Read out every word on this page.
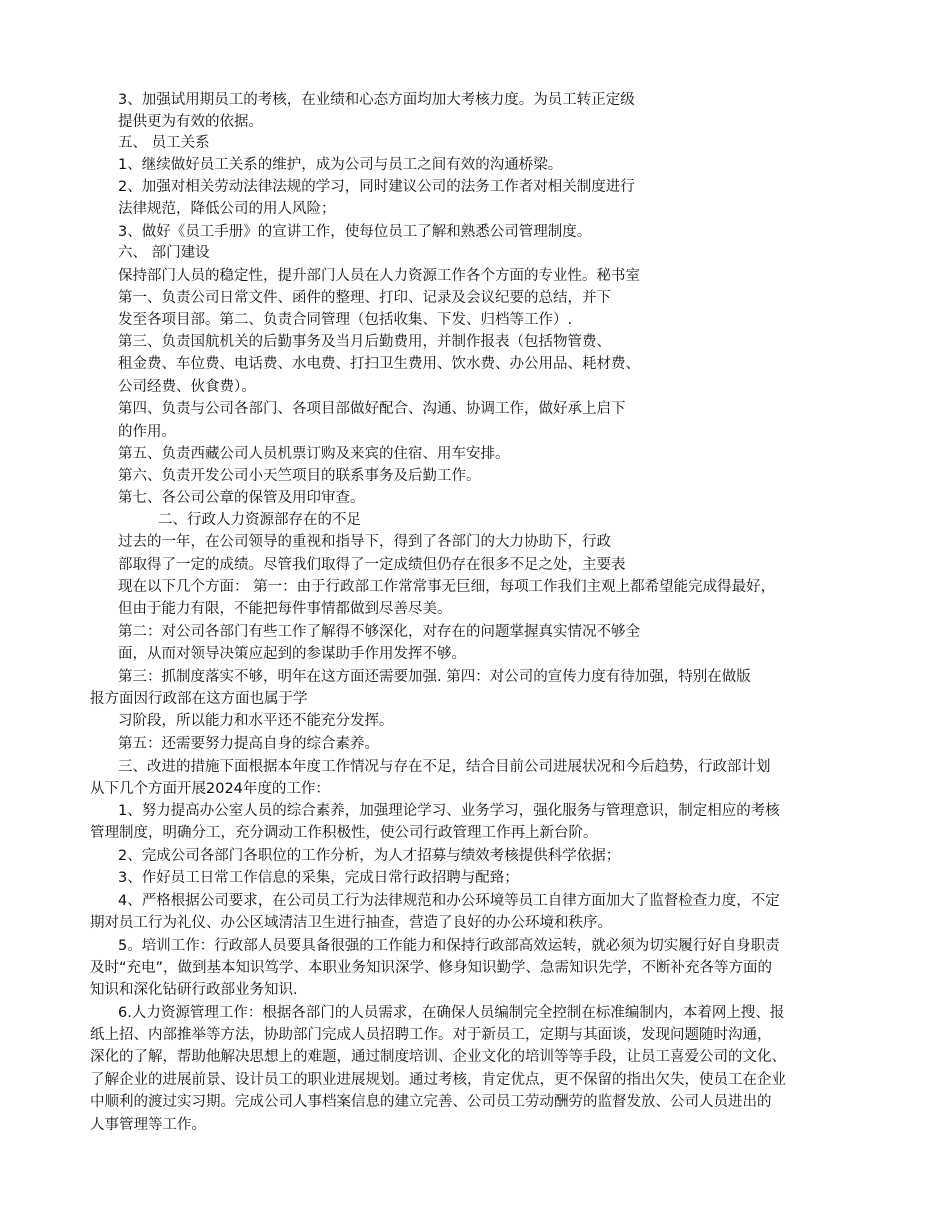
3、加强试用期员工的考核，在业绩和心态方面均加大考核力度。为员工转正定级
提供更为有效的依据。
五、 员工关系
1、继续做好员工关系的维护，成为公司与员工之间有效的沟通桥梁。
2、加强对相关劳动法律法规的学习，同时建议公司的法务工作者对相关制度进行
法律规范，降低公司的用人风险；
3、做好《员工手册》的宣讲工作，使每位员工了解和熟悉公司管理制度。
六、 部门建设
保持部门人员的稳定性，提升部门人员在人力资源工作各个方面的专业性。秘书室
第一、负责公司日常文件、函件的整理、打印、记录及会议纪要的总结，并下
发至各项目部。第二、负责合同管理（包括收集、下发、归档等工作）.
第三、负责国航机关的后勤事务及当月后勤费用，并制作报表（包括物管费、
租金费、车位费、电话费、水电费、打扫卫生费用、饮水费、办公用品、耗材费、
公司经费、伙食费）。
第四、负责与公司各部门、各项目部做好配合、沟通、协调工作，做好承上启下
的作用。
第五、负责西藏公司人员机票订购及来宾的住宿、用车安排。
第六、负责开发公司小天竺项目的联系事务及后勤工作。
第七、各公司公章的保管及用印审查。
二、行政人力资源部存在的不足
过去的一年，在公司领导的重视和指导下，得到了各部门的大力协助下，行政
部取得了一定的成绩。尽管我们取得了一定成绩但仍存在很多不足之处，主要表
现在以下几个方面： 第一：由于行政部工作常常事无巨细，每项工作我们主观上都希望能完成得最好，
但由于能力有限，不能把每件事情都做到尽善尽美。
第二：对公司各部门有些工作了解得不够深化，对存在的问题掌握真实情况不够全
面，从而对领导决策应起到的参谋助手作用发挥不够。
第三：抓制度落实不够，明年在这方面还需要加强. 第四：对公司的宣传力度有待加强，特别在做版
报方面因行政部在这方面也属于学
习阶段，所以能力和水平还不能充分发挥。
第五：还需要努力提高自身的综合素养。
三、改进的措施下面根据本年度工作情况与存在不足，结合目前公司进展状况和今后趋势，行政部计划
从下几个方面开展2024年度的工作：
1、努力提高办公室人员的综合素养，加强理论学习、业务学习，强化服务与管理意识，制定相应的考核
管理制度，明确分工，充分调动工作积极性，使公司行政管理工作再上新台阶。
2、完成公司各部门各职位的工作分析，为人才招募与绩效考核提供科学依据；
3、作好员工日常工作信息的采集，完成日常行政招聘与配臵；
4、严格根据公司要求，在公司员工行为法律规范和办公环境等员工自律方面加大了监督检查力度，不定
期对员工行为礼仪、办公区域清洁卫生进行抽查，营造了良好的办公环境和秩序。
5。培训工作：行政部人员要具备很强的工作能力和保持行政部高效运转，就必须为切实履行好自身职责
及时“充电”，做到基本知识笃学、本职业务知识深学、修身知识勤学、急需知识先学，不断补充各等方面的
知识和深化钻研行政部业务知识.
6.人力资源管理工作：根据各部门的人员需求，在确保人员编制完全控制在标准编制内，本着网上搜、报
纸上招、内部推举等方法，协助部门完成人员招聘工作。对于新员工，定期与其面谈，发现问题随时沟通，
深化的了解，帮助他解决思想上的难题，通过制度培训、企业文化的培训等等手段，让员工喜爱公司的文化、
了解企业的进展前景、设计员工的职业进展规划。通过考核，肯定优点，更不保留的指出欠失，使员工在企业
中顺利的渡过实习期。完成公司人事档案信息的建立完善、公司员工劳动酬劳的监督发放、公司人员进出的
人事管理等工作。
